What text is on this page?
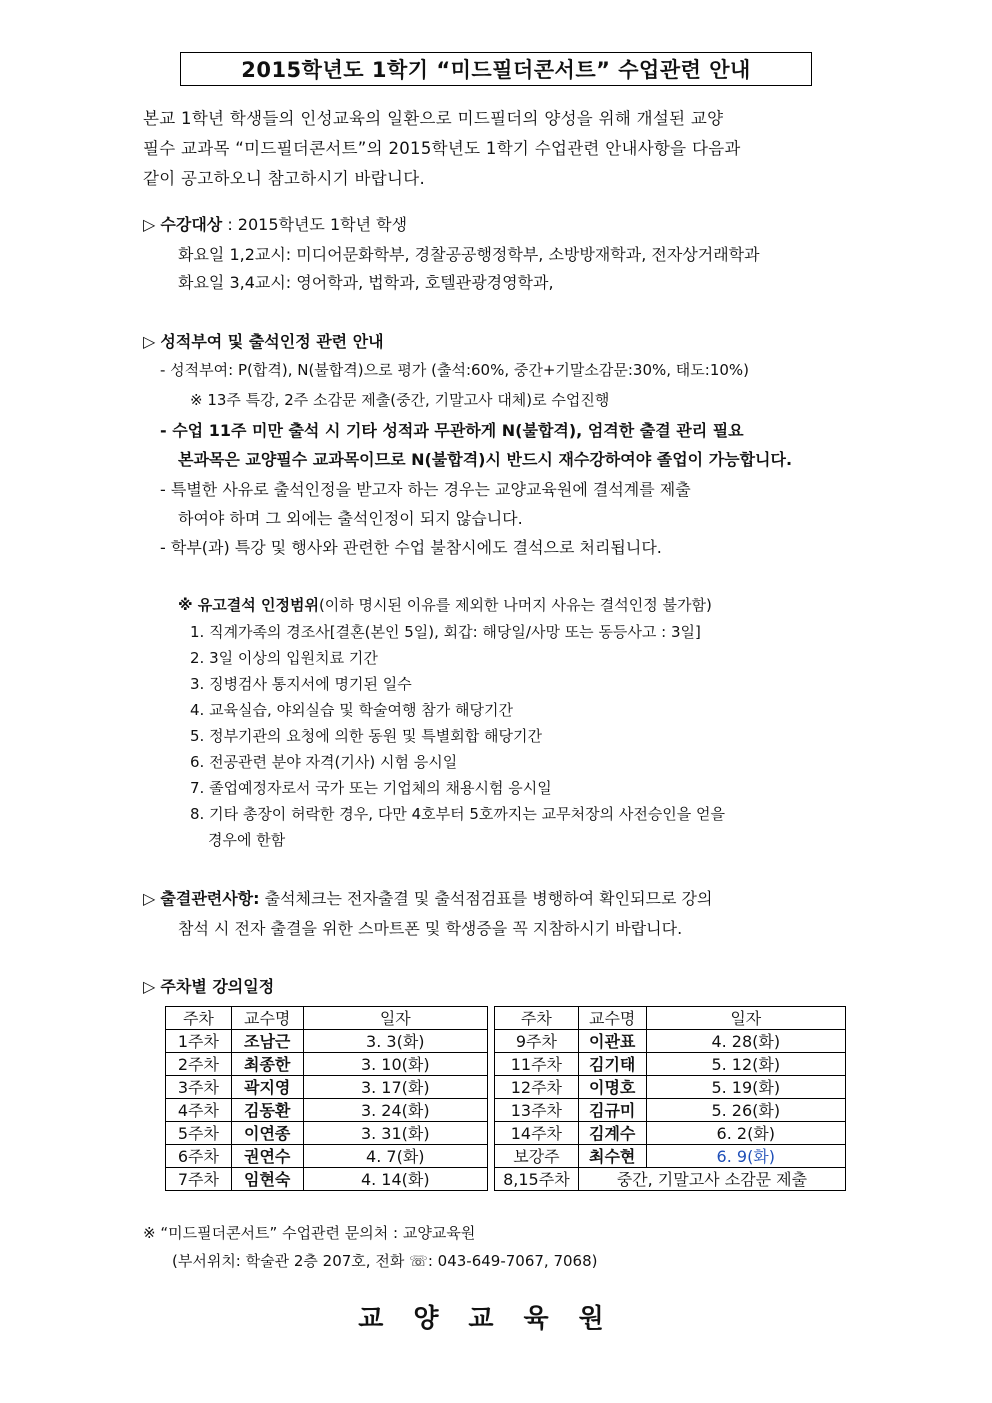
2015학년도 1학기 “미드필더콘서트” 수업관련 안내
본교 1학년 학생들의 인성교육의 일환으로 미드필더의 양성을 위해 개설된 교양
필수 교과목 “미드필더콘서트”의 2015학년도 1학기 수업관련 안내사항을 다음과
같이 공고하오니 참고하시기 바랍니다.
▷ 수강대상 : 2015학년도 1학년 학생
화요일 1,2교시: 미디어문화학부, 경찰공공행정학부, 소방방재학과, 전자상거래학과
화요일 3,4교시: 영어학과, 법학과, 호텔관광경영학과,
▷ 성적부여 및 출석인정 관련 안내
- 성적부여: P(합격), N(불합격)으로 평가 (출석:60%, 중간+기말소감문:30%, 태도:10%)
※ 13주 특강, 2주 소감문 제출(중간, 기말고사 대체)로 수업진행
- 수업 11주 미만 출석 시 기타 성적과 무관하게 N(불합격), 엄격한 출결 관리 필요
본과목은 교양필수 교과목이므로 N(불합격)시 반드시 재수강하여야 졸업이 가능합니다.
- 특별한 사유로 출석인정을 받고자 하는 경우는 교양교육원에 결석계를 제출
하여야 하며 그 외에는 출석인정이 되지 않습니다.
- 학부(과) 특강 및 행사와 관련한 수업 불참시에도 결석으로 처리됩니다.
※ 유고결석 인정범위(이하 명시된 이유를 제외한 나머지 사유는 결석인정 불가함)
1. 직계가족의 경조사[결혼(본인 5일), 회갑: 해당일/사망 또는 동등사고 : 3일]
2. 3일 이상의 입원치료 기간
3. 징병검사 통지서에 명기된 일수
4. 교육실습, 야외실습 및 학술여행 참가 해당기간
5. 정부기관의 요청에 의한 동원 및 특별회합 해당기간
6. 전공관련 분야 자격(기사) 시험 응시일
7. 졸업예정자로서 국가 또는 기업체의 채용시험 응시일
8. 기타 총장이 허락한 경우, 다만 4호부터 5호까지는 교무처장의 사전승인을 얻을
경우에 한함
▷ 출결관련사항: 출석체크는 전자출결 및 출석점검표를 병행하여 확인되므로 강의
참석 시 전자 출결을 위한 스마트폰 및 학생증을 꼭 지참하시기 바랍니다.
▷ 주차별 강의일정
주차	교수명	일자		주차	교수명	일자
1주차	조남근	3. 3(화)		9주차	이관표	4. 28(화)
2주차	최종한	3. 10(화)		11주차	김기태	5. 12(화)
3주차	곽지영	3. 17(화)		12주차	이명호	5. 19(화)
4주차	김동환	3. 24(화)		13주차	김규미	5. 26(화)
5주차	이연종	3. 31(화)		14주차	김계수	6. 2(화)
6주차	권연수	4. 7(화)		보강주	최수현	6. 9(화)
7주차	임현숙	4. 14(화)		8,15주차	중간, 기말고사 소감문 제출	
※ “미드필더콘서트” 수업관련 문의처 : 교양교육원
(부서위치: 학술관 2층 207호, 전화 ☏: 043-649-7067, 7068)
교양교육원
